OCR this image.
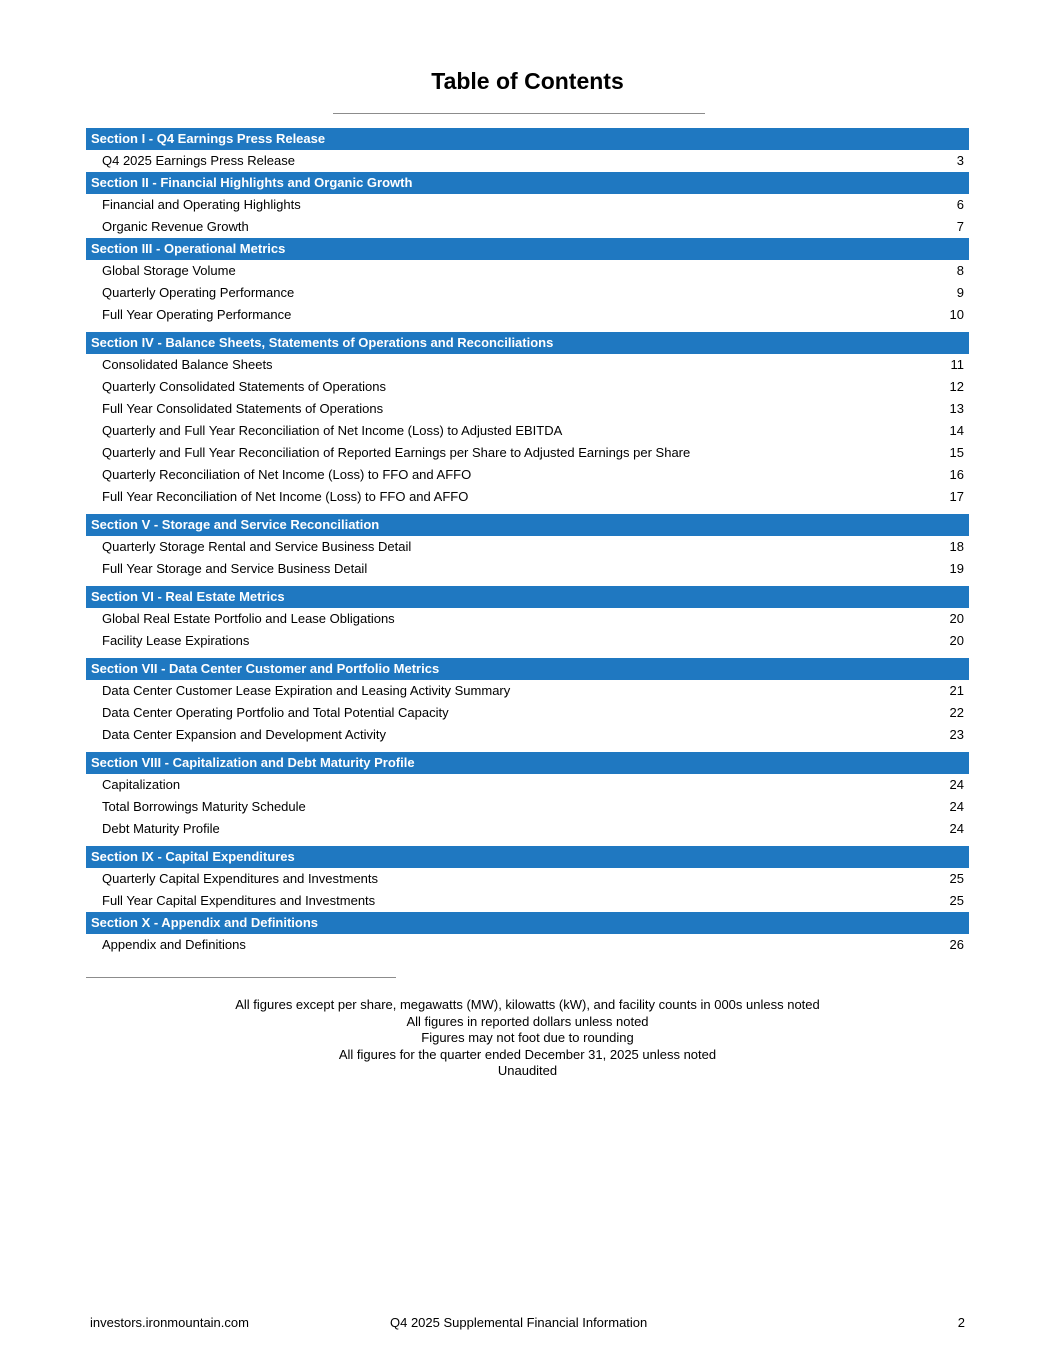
Table of Contents
Section I - Q4 Earnings Press Release
Q4 2025 Earnings Press Release	3
Section II - Financial Highlights and Organic Growth
Financial and Operating Highlights	6
Organic Revenue Growth	7
Section III - Operational Metrics
Global Storage Volume	8
Quarterly Operating Performance	9
Full Year Operating Performance	10
Section IV - Balance Sheets, Statements of Operations and Reconciliations
Consolidated Balance Sheets	11
Quarterly Consolidated Statements of Operations	12
Full Year Consolidated Statements of Operations	13
Quarterly and Full Year Reconciliation of Net Income (Loss) to Adjusted EBITDA	14
Quarterly and Full Year Reconciliation of Reported Earnings per Share to Adjusted Earnings per Share	15
Quarterly Reconciliation of Net Income (Loss) to FFO and AFFO	16
Full Year Reconciliation of Net Income (Loss) to FFO and AFFO	17
Section V - Storage and Service Reconciliation
Quarterly Storage Rental and Service Business Detail	18
Full Year Storage and Service Business Detail	19
Section VI - Real Estate Metrics
Global Real Estate Portfolio and Lease Obligations	20
Facility Lease Expirations	20
Section VII - Data Center Customer and Portfolio Metrics
Data Center Customer Lease Expiration and Leasing Activity Summary	21
Data Center Operating Portfolio and Total Potential Capacity	22
Data Center Expansion and Development Activity	23
Section VIII - Capitalization and Debt Maturity Profile
Capitalization	24
Total Borrowings Maturity Schedule	24
Debt Maturity Profile	24
Section IX - Capital Expenditures
Quarterly Capital Expenditures and Investments	25
Full Year Capital Expenditures and Investments	25
Section X - Appendix and Definitions
Appendix and Definitions	26
All figures except per share, megawatts (MW), kilowatts (kW), and facility counts in 000s unless noted
All figures in reported dollars unless noted
Figures may not foot due to rounding
All figures for the quarter ended December 31, 2025 unless noted
Unaudited
investors.ironmountain.com	Q4 2025 Supplemental Financial Information	2
